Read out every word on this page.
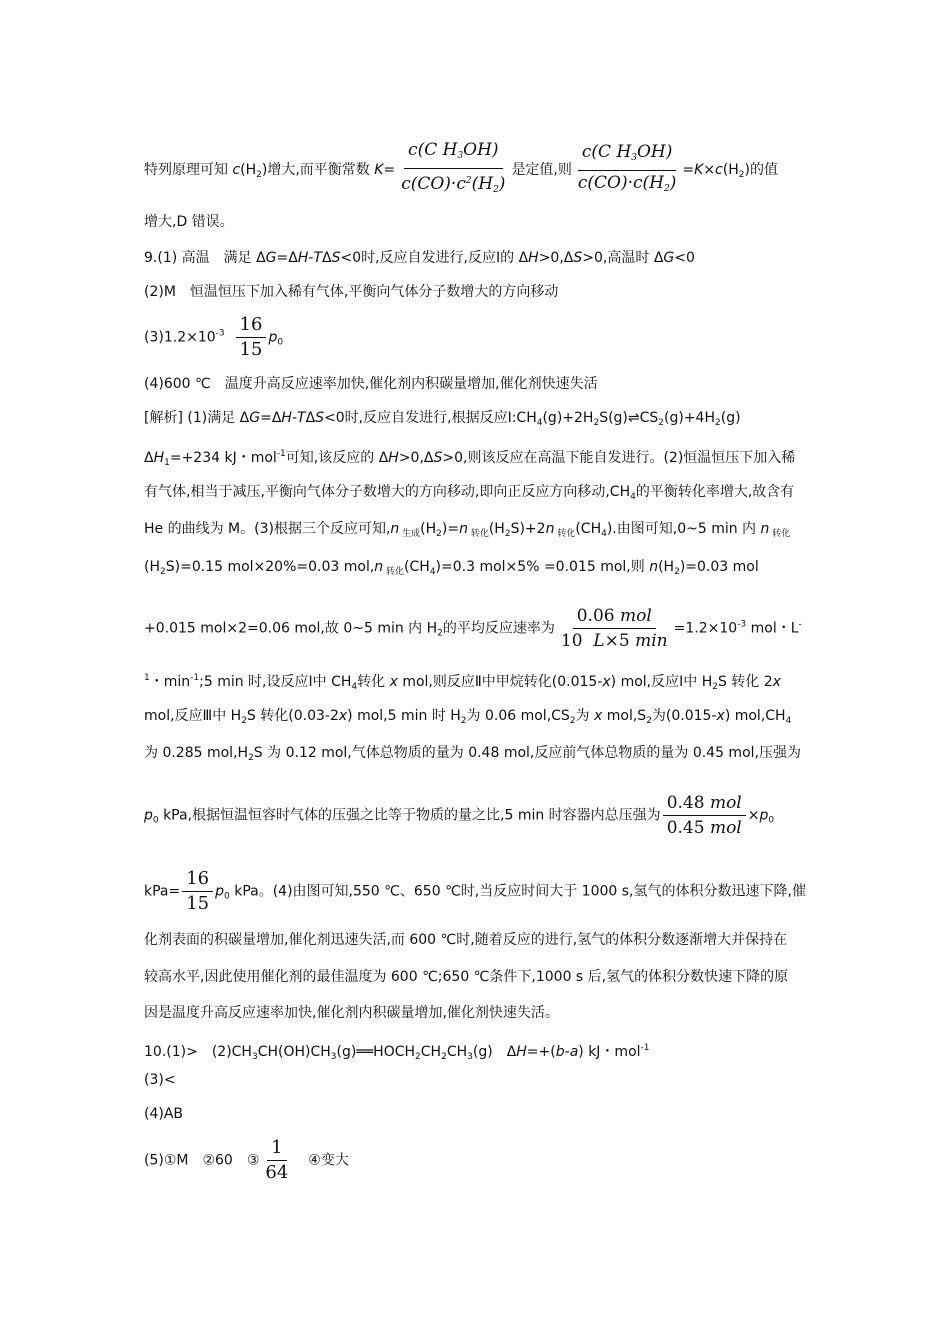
特列原理可知 $c(H_2)$增大,而平衡常数 $K= \frac{c(C H_3OH)}{c(CO)\cdot c^2(H_2)}$ 是定值,则 $\frac{c(C H_3OH)}{c(CO)\cdot c(H_2)} =K\times c(H_2)$的值
增大,D 错误。
9.(1) 高温　满足 ΔG=ΔH-TΔS<0时,反应自发进行,反应Ⅰ的 ΔH>0,ΔS>0,高温时 ΔG<0
(2)M　恒温恒压下加入稀有气体,平衡向气体分子数增大的方向移动
$(3)1.2\times 10^{-3} \frac{16}{15} p_0$
(4)600 ℃　温度升高反应速率加快,催化剂内积碳量增加,催化剂快速失活
[解析] (1)满足 ΔG=ΔH-TΔS<0时,反应自发进行,根据反应$Ⅰ:CH_4(g)+2H_2S(g)\rightleftharpoons CS_2(g)+4H_2(g)$
$\Delta H_1=+234$ kJ・mol$^{-1}$可知,该反应的 ΔH>0,ΔS>0,则该反应在高温下能自发进行。(2)恒温恒压下加入稀
有气体,相当于减压,平衡向气体分子数增大的方向移动,即向正反应方向移动$,CH_4$的平衡转化率增大,故含有
He 的曲线为 M。(3)根据三个反应可知,n $_{生成}(H_2)=n$ $_{转化}(H_2S)+2n$ $_{转化}(CH_4)$.由图可知,0~5 min 内 n $_{转化}$
$(H_2S)=0.15$ mol×20%=0.03 mol,n $_{转化}(CH_4)=0.3$ mol×5% =0.015 mol,则 $n(H_2)=0.03$ mol
+0.015 mol×2=0.06 mol,故 0~5 min 内 $H_2$的平均反应速率为 $\frac{\text{0.06 mol}}{10 L\times 5 \min} =1.2\times 10^{-3}$ mol・L-
$^1$・$\min^{-1};5$ min 时,设反应Ⅰ中 $CH_4$转化 x mol,则反应Ⅱ中甲烷转化(0.015-x) mol,反应Ⅰ中 $H_2S$ 转化 2x
mol,反应Ⅲ中 $H_2S$ 转化(0.03-2x) mol,5 min 时 $H_2$为 0.06 $mol,CS_2$为 x $mol,S_2$为(0.015-x) $mol,CH_4$
为 0.285 $mol,H_2S$ 为 0.12 mol,气体总物质的量为 0.48 mol,反应前气体总物质的量为 0.45 mol,压强为
$p_0$ kPa,根据恒温恒容时气体的压强之比等于物质的量之比,5 min 时容器内总压强为 $\frac{\text{0.48 mol}}{\text{0.45 mol}} \times p_0$
$kPa= \frac{16}{15} p_0$ kPa。(4)由图可知,550 ℃、650 ℃时,当反应时间大于 1000 s,氢气的体积分数迅速下降,催
化剂表面的积碳量增加,催化剂迅速失活,而 600 ℃时,随着反应的进行,氢气的体积分数逐渐增大并保持在
较高水平,因此使用催化剂的最佳温度为 600 ℃;650 ℃条件下,1000 s 后,氢气的体积分数快速下降的原
因是温度升高反应速率加快,催化剂内积碳量增加,催化剂快速失活。
10.(1)>　$(2)CH_3CH(OH)CH_3(g)══HOCH_2CH_2CH_3(g)$　ΔH=+(b-a) kJ・mol$^{-1}$
(3)<
(4)AB
(5)①M　②60　③ $\frac{1}{64}$ 　④变大
